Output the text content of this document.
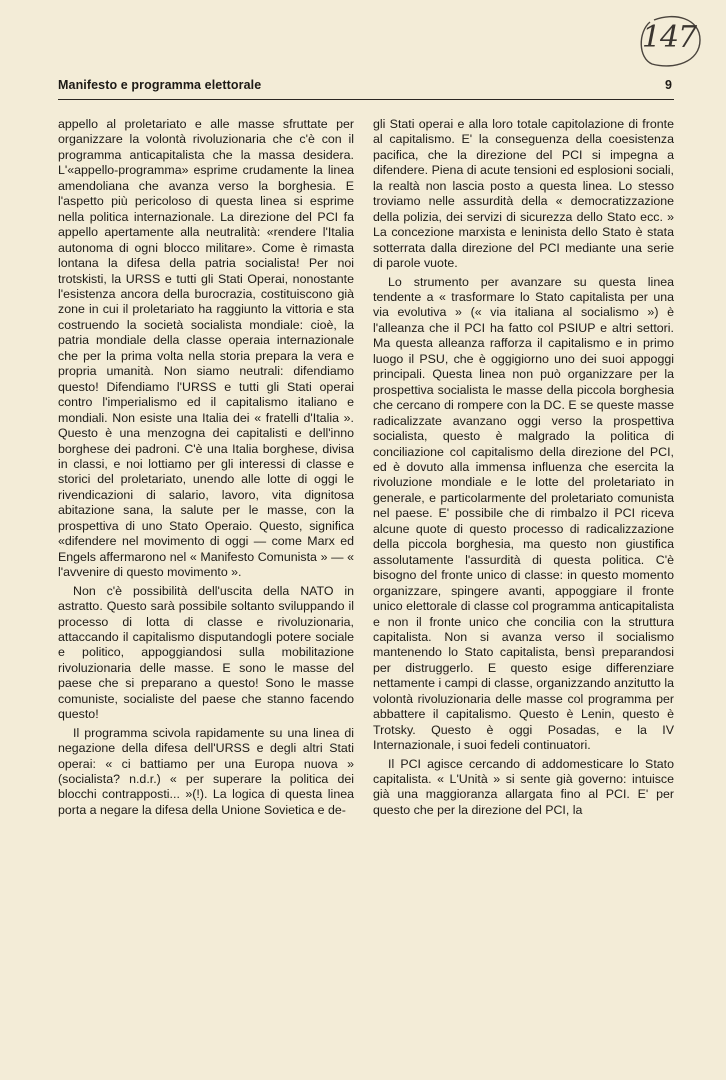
147
Manifesto e programma elettorale	9

appello al proletariato e alle masse sfruttate per organizzare la volontà rivoluzionaria che c'è con il programma anticapitalista che la massa desidera. L'«appello-programma» esprime crudamente la linea amendoliana che avanza verso la borghesia. E l'aspetto più pericoloso di questa linea si esprime nella politica internazionale. La direzione del PCI fa appello apertamente alla neutralità: «rendere l'Italia autonoma di ogni blocco militare». Come è rimasta lontana la difesa della patria socialista! Per noi trotskisti, la URSS e tutti gli Stati Operai, nonostante l'esistenza ancora della burocrazia, costituiscono già zone in cui il proletariato ha raggiunto la vittoria e sta costruendo la società socialista mondiale: cioè, la patria mondiale della classe operaia internazionale che per la prima volta nella storia prepara la vera e propria umanità. Non siamo neutrali: difendiamo questo! Difendiamo l'URSS e tutti gli Stati operai contro l'imperialismo ed il capitalismo italiano e mondiali. Non esiste una Italia dei « fratelli d'Italia ». Questo è una menzogna dei capitalisti e dell'inno borghese dei padroni. C'è una Italia borghese, divisa in classi, e noi lottiamo per gli interessi di classe e storici del proletariato, unendo alle lotte di oggi le rivendicazioni di salario, lavoro, vita dignitosa abitazione sana, la salute per le masse, con la prospettiva di uno Stato Operaio. Questo, significa «difendere nel movimento di oggi — come Marx ed Engels affermarono nel « Manifesto Comunista » — « l'avvenire di questo movimento ».

Non c'è possibilità dell'uscita della NATO in astratto. Questo sarà possibile soltanto sviluppando il processo di lotta di classe e rivoluzionaria, attaccando il capitalismo disputandogli potere sociale e politico, appoggiandosi sulla mobilitazione rivoluzionaria delle masse. E sono le masse del paese che si preparano a questo! Sono le masse comuniste, socialiste del paese che stanno facendo questo!

Il programma scivola rapidamente su una linea di negazione della difesa dell'URSS e degli altri Stati operai: « ci battiamo per una Europa nuova » (socialista? n.d.r.) « per superare la politica dei blocchi contrapposti... »(!). La logica di questa linea porta a negare la difesa della Unione Sovietica e de-

gli Stati operai e alla loro totale capitolazione di fronte al capitalismo. E' la conseguenza della coesistenza pacifica, che la direzione del PCI si impegna a difendere. Piena di acute tensioni ed esplosioni sociali, la realtà non lascia posto a questa linea. Lo stesso troviamo nelle assurdità della « democratizzazione della polizia, dei servizi di sicurezza dello Stato ecc. » La concezione marxista e leninista dello Stato è stata sotterrata dalla direzione del PCI mediante una serie di parole vuote.

Lo strumento per avanzare su questa linea tendente a « trasformare lo Stato capitalista per una via evolutiva » (« via italiana al socialismo ») è l'alleanza che il PCI ha fatto col PSIUP e altri settori. Ma questa alleanza rafforza il capitalismo e in primo luogo il PSU, che è oggigiorno uno dei suoi appoggi principali. Questa linea non può organizzare per la prospettiva socialista le masse della piccola borghesia che cercano di rompere con la DC. E se queste masse radicalizzate avanzano oggi verso la prospettiva socialista, questo è malgrado la politica di conciliazione col capitalismo della direzione del PCI, ed è dovuto alla immensa influenza che esercita la rivoluzione mondiale e le lotte del proletariato in generale, e particolarmente del proletariato comunista nel paese. E' possibile che di rimbalzo il PCI riceva alcune quote di questo processo di radicalizzazione della piccola borghesia, ma questo non giustifica assolutamente l'assurdità di questa politica. C'è bisogno del fronte unico di classe: in questo momento organizzare, spingere avanti, appoggiare il fronte unico elettorale di classe col programma anticapitalista e non il fronte unico che concilia con la struttura capitalista. Non si avanza verso il socialismo mantenendo lo Stato capitalista, bensì preparandosi per distruggerlo. E questo esige differenziare nettamente i campi di classe, organizzando anzitutto la volontà rivoluzionaria delle masse col programma per abbattere il capitalismo. Questo è Lenin, questo è Trotsky. Questo è oggi Posadas, e la IV Internazionale, i suoi fedeli continuatori.

Il PCI agisce cercando di addomesticare lo Stato capitalista. « L'Unità » si sente già governo: intuisce già una maggioranza allargata fino al PCI. E' per questo che per la direzione del PCI, la
